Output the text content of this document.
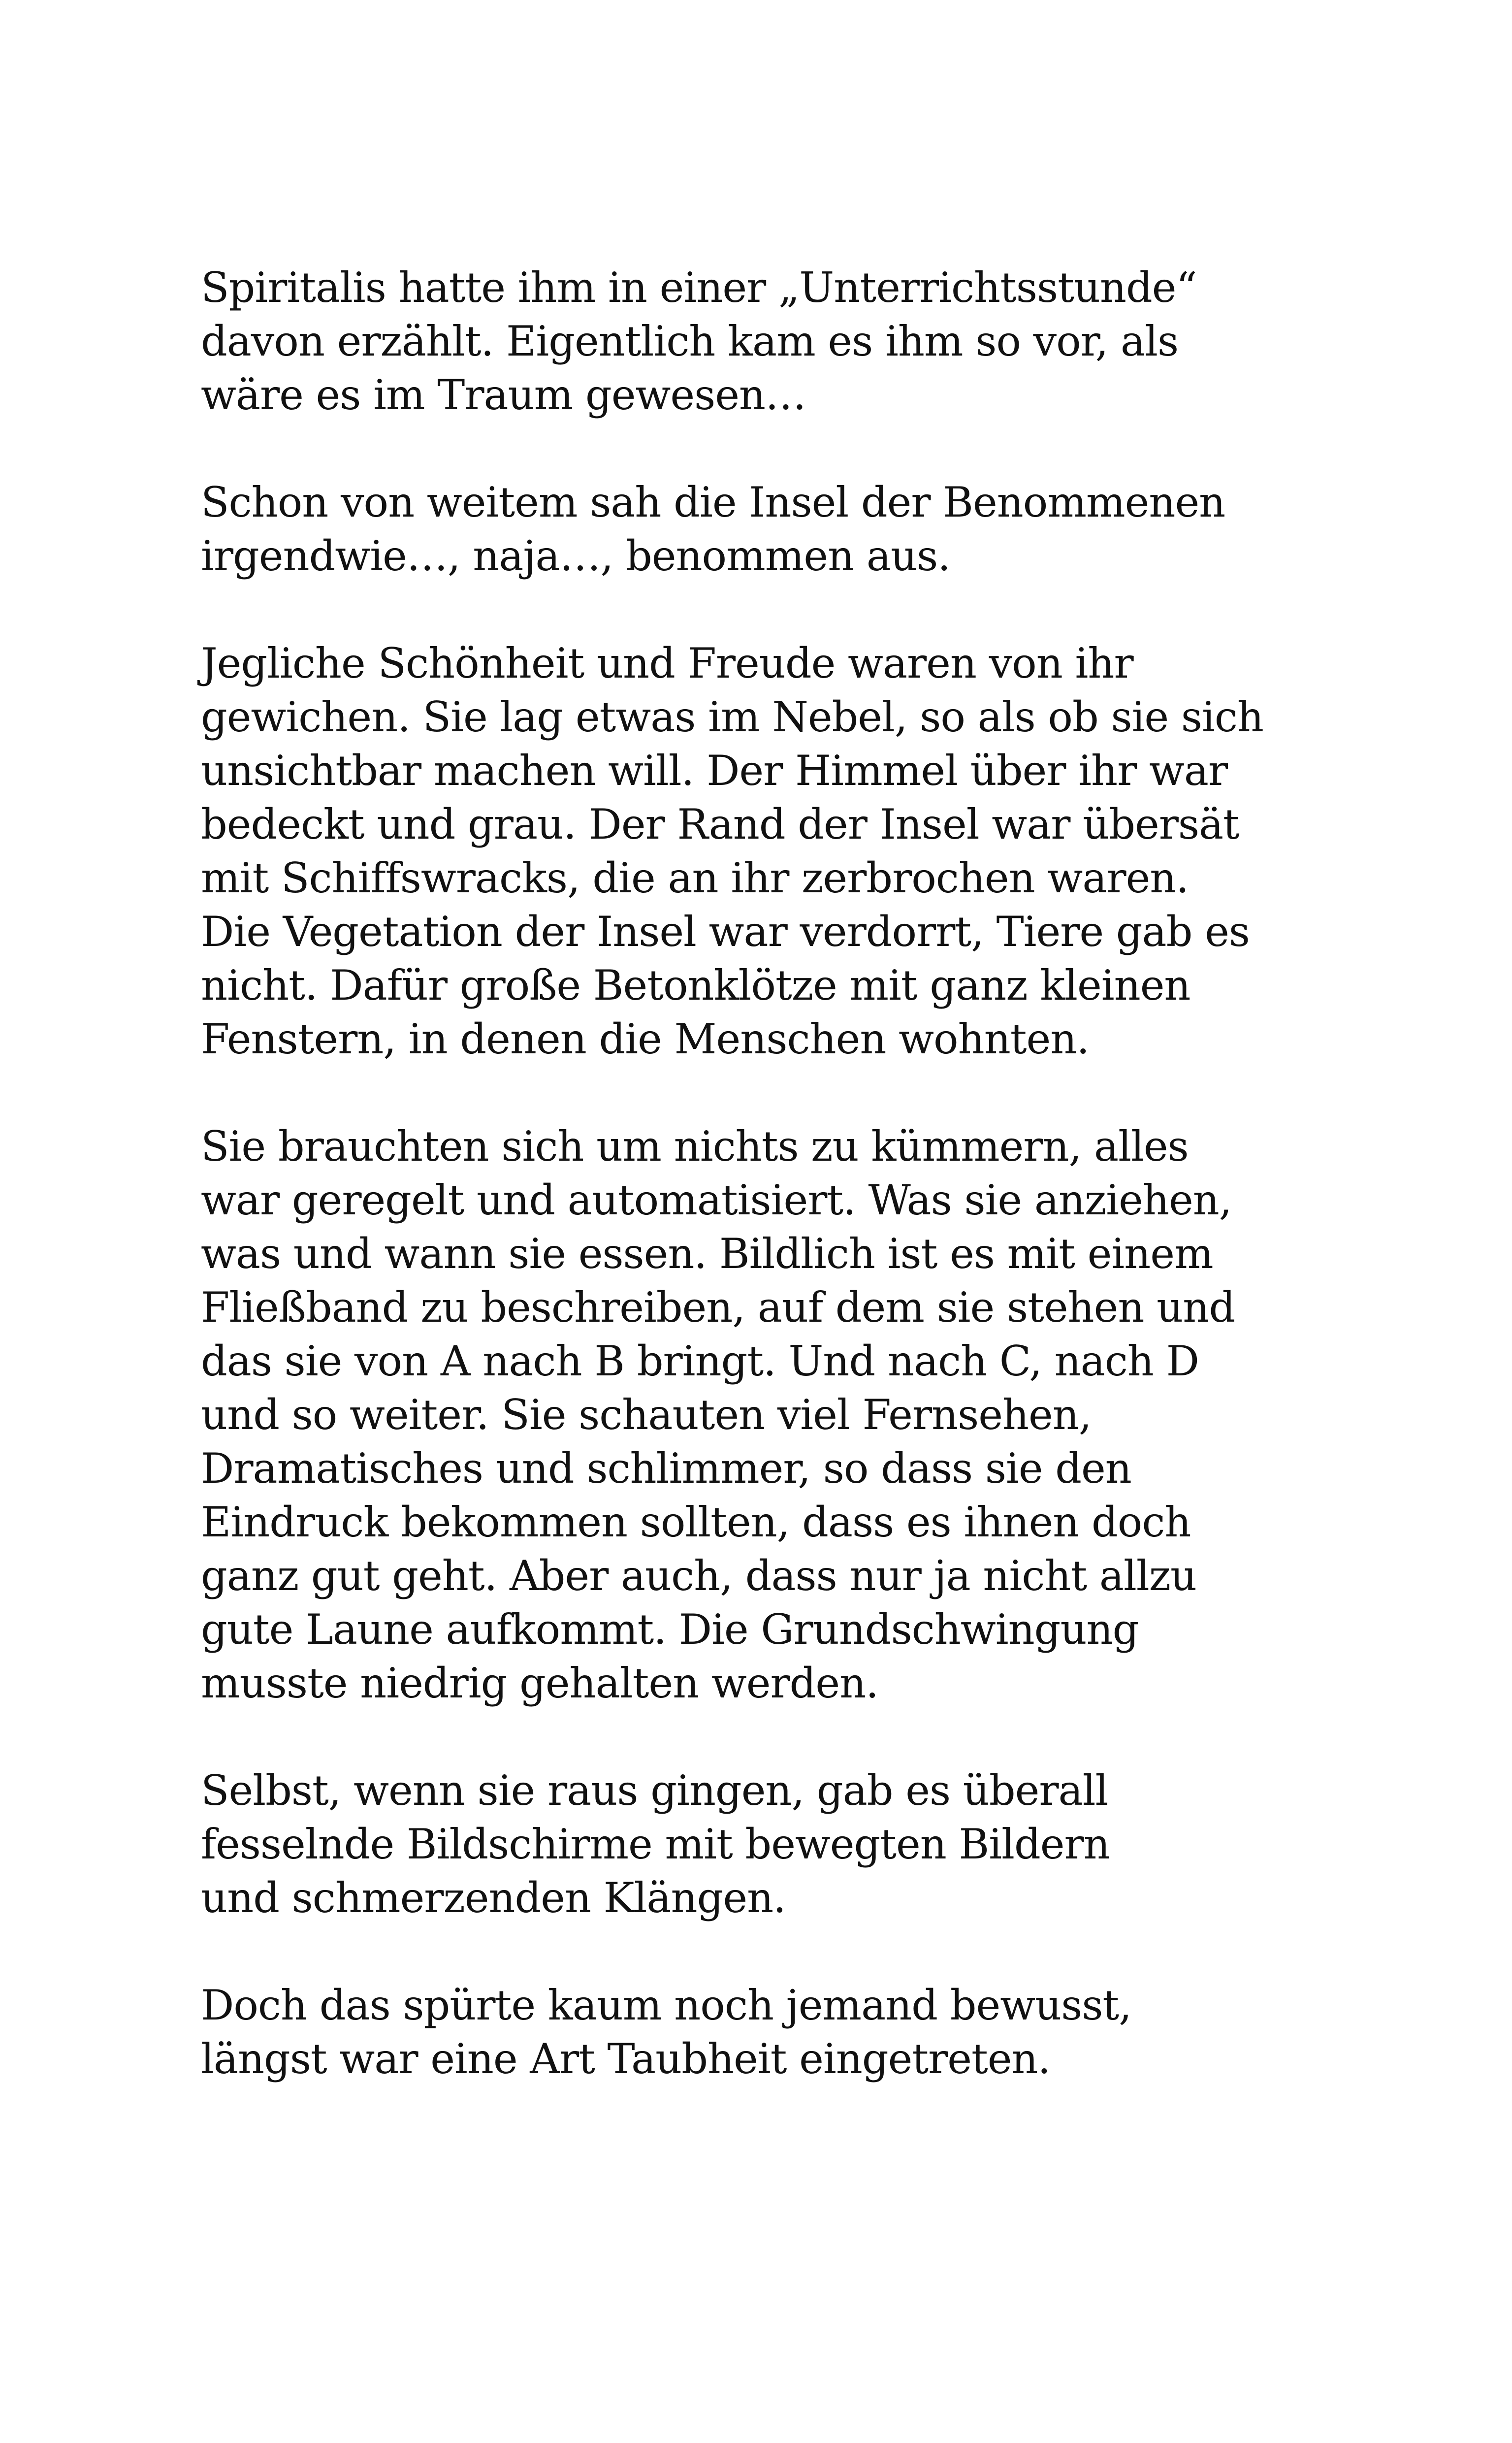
Spiritalis hatte ihm in einer „Unterrichtsstunde“
davon erzählt. Eigentlich kam es ihm so vor, als
wäre es im Traum gewesen…

Schon von weitem sah die Insel der Benommenen
irgendwie…, naja…, benommen aus.

Jegliche Schönheit und Freude waren von ihr
gewichen. Sie lag etwas im Nebel, so als ob sie sich
unsichtbar machen will. Der Himmel über ihr war
bedeckt und grau. Der Rand der Insel war übersät
mit Schiffswracks, die an ihr zerbrochen waren.
Die Vegetation der Insel war verdorrt, Tiere gab es
nicht. Dafür große Betonklötze mit ganz kleinen
Fenstern, in denen die Menschen wohnten.

Sie brauchten sich um nichts zu kümmern, alles
war geregelt und automatisiert. Was sie anziehen,
was und wann sie essen. Bildlich ist es mit einem
Fließband zu beschreiben, auf dem sie stehen und
das sie von A nach B bringt. Und nach C, nach D
und so weiter. Sie schauten viel Fernsehen,
Dramatisches und schlimmer, so dass sie den
Eindruck bekommen sollten, dass es ihnen doch
ganz gut geht. Aber auch, dass nur ja nicht allzu
gute Laune aufkommt. Die Grundschwingung
musste niedrig gehalten werden.

Selbst, wenn sie raus gingen, gab es überall
fesselnde Bildschirme mit bewegten Bildern
und schmerzenden Klängen.

Doch das spürte kaum noch jemand bewusst,
längst war eine Art Taubheit eingetreten.
